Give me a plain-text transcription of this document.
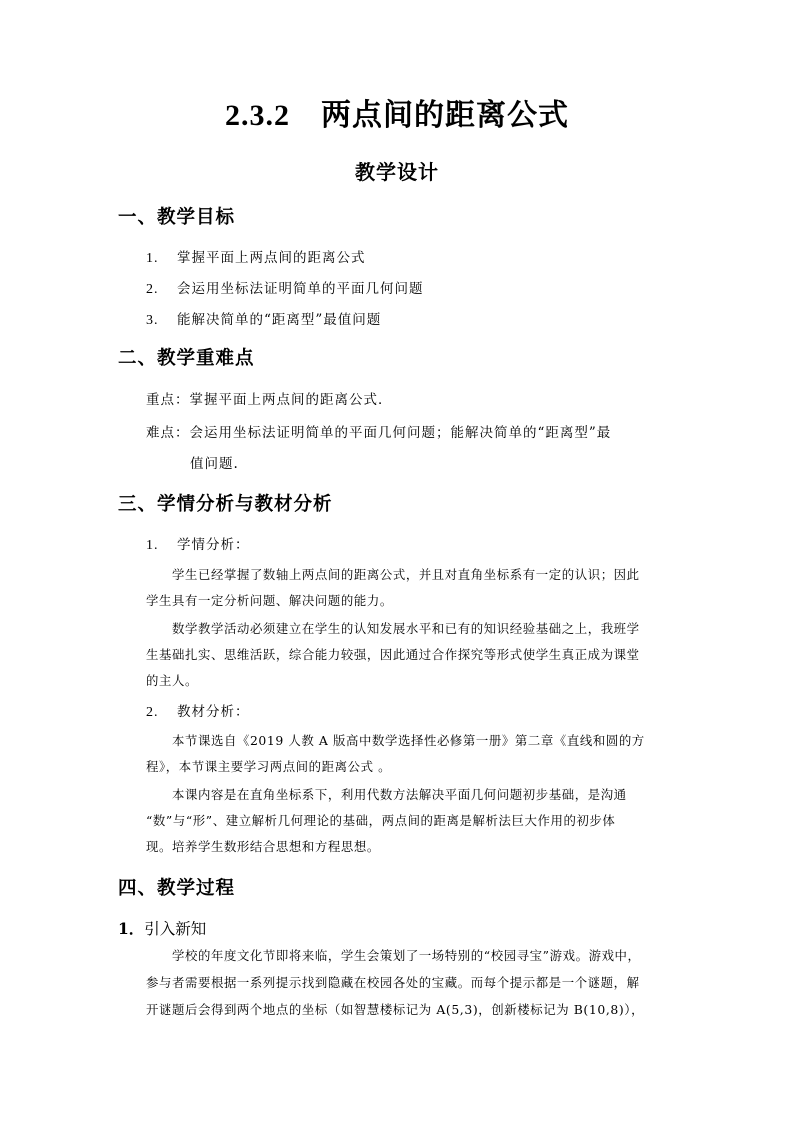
2.3.2　两点间的距离公式
教学设计
一、教学目标
1. 掌握平面上两点间的距离公式
2. 会运用坐标法证明简单的平面几何问题
3. 能解决简单的“距离型”最值问题
二、教学重难点
重点：掌握平面上两点间的距离公式．
难点：会运用坐标法证明简单的平面几何问题；能解决简单的“距离型”最
值问题.
三、学情分析与教材分析
1. 学情分析：
学生已经掌握了数轴上两点间的距离公式，并且对直角坐标系有一定的认识；因此
学生具有一定分析问题、解决问题的能力。
数学教学活动必须建立在学生的认知发展水平和已有的知识经验基础之上，我班学
生基础扎实、思维活跃，综合能力较强，因此通过合作探究等形式使学生真正成为课堂
的主人。
2. 教材分析：
本节课选自《2019 人教 A 版高中数学选择性必修第一册》第二章《直线和圆的方
程》，本节课主要学习两点间的距离公式 。
本课内容是在直角坐标系下，利用代数方法解决平面几何问题初步基础，是沟通
“数”与“形”、建立解析几何理论的基础，两点间的距离是解析法巨大作用的初步体
现。培养学生数形结合思想和方程思想。
四、教学过程
1．引入新知
学校的年度文化节即将来临，学生会策划了一场特别的“校园寻宝”游戏。游戏中，
参与者需要根据一系列提示找到隐藏在校园各处的宝藏。而每个提示都是一个谜题，解
开谜题后会得到两个地点的坐标（如智慧楼标记为 A(5,3)，创新楼标记为 B(10,8)），
